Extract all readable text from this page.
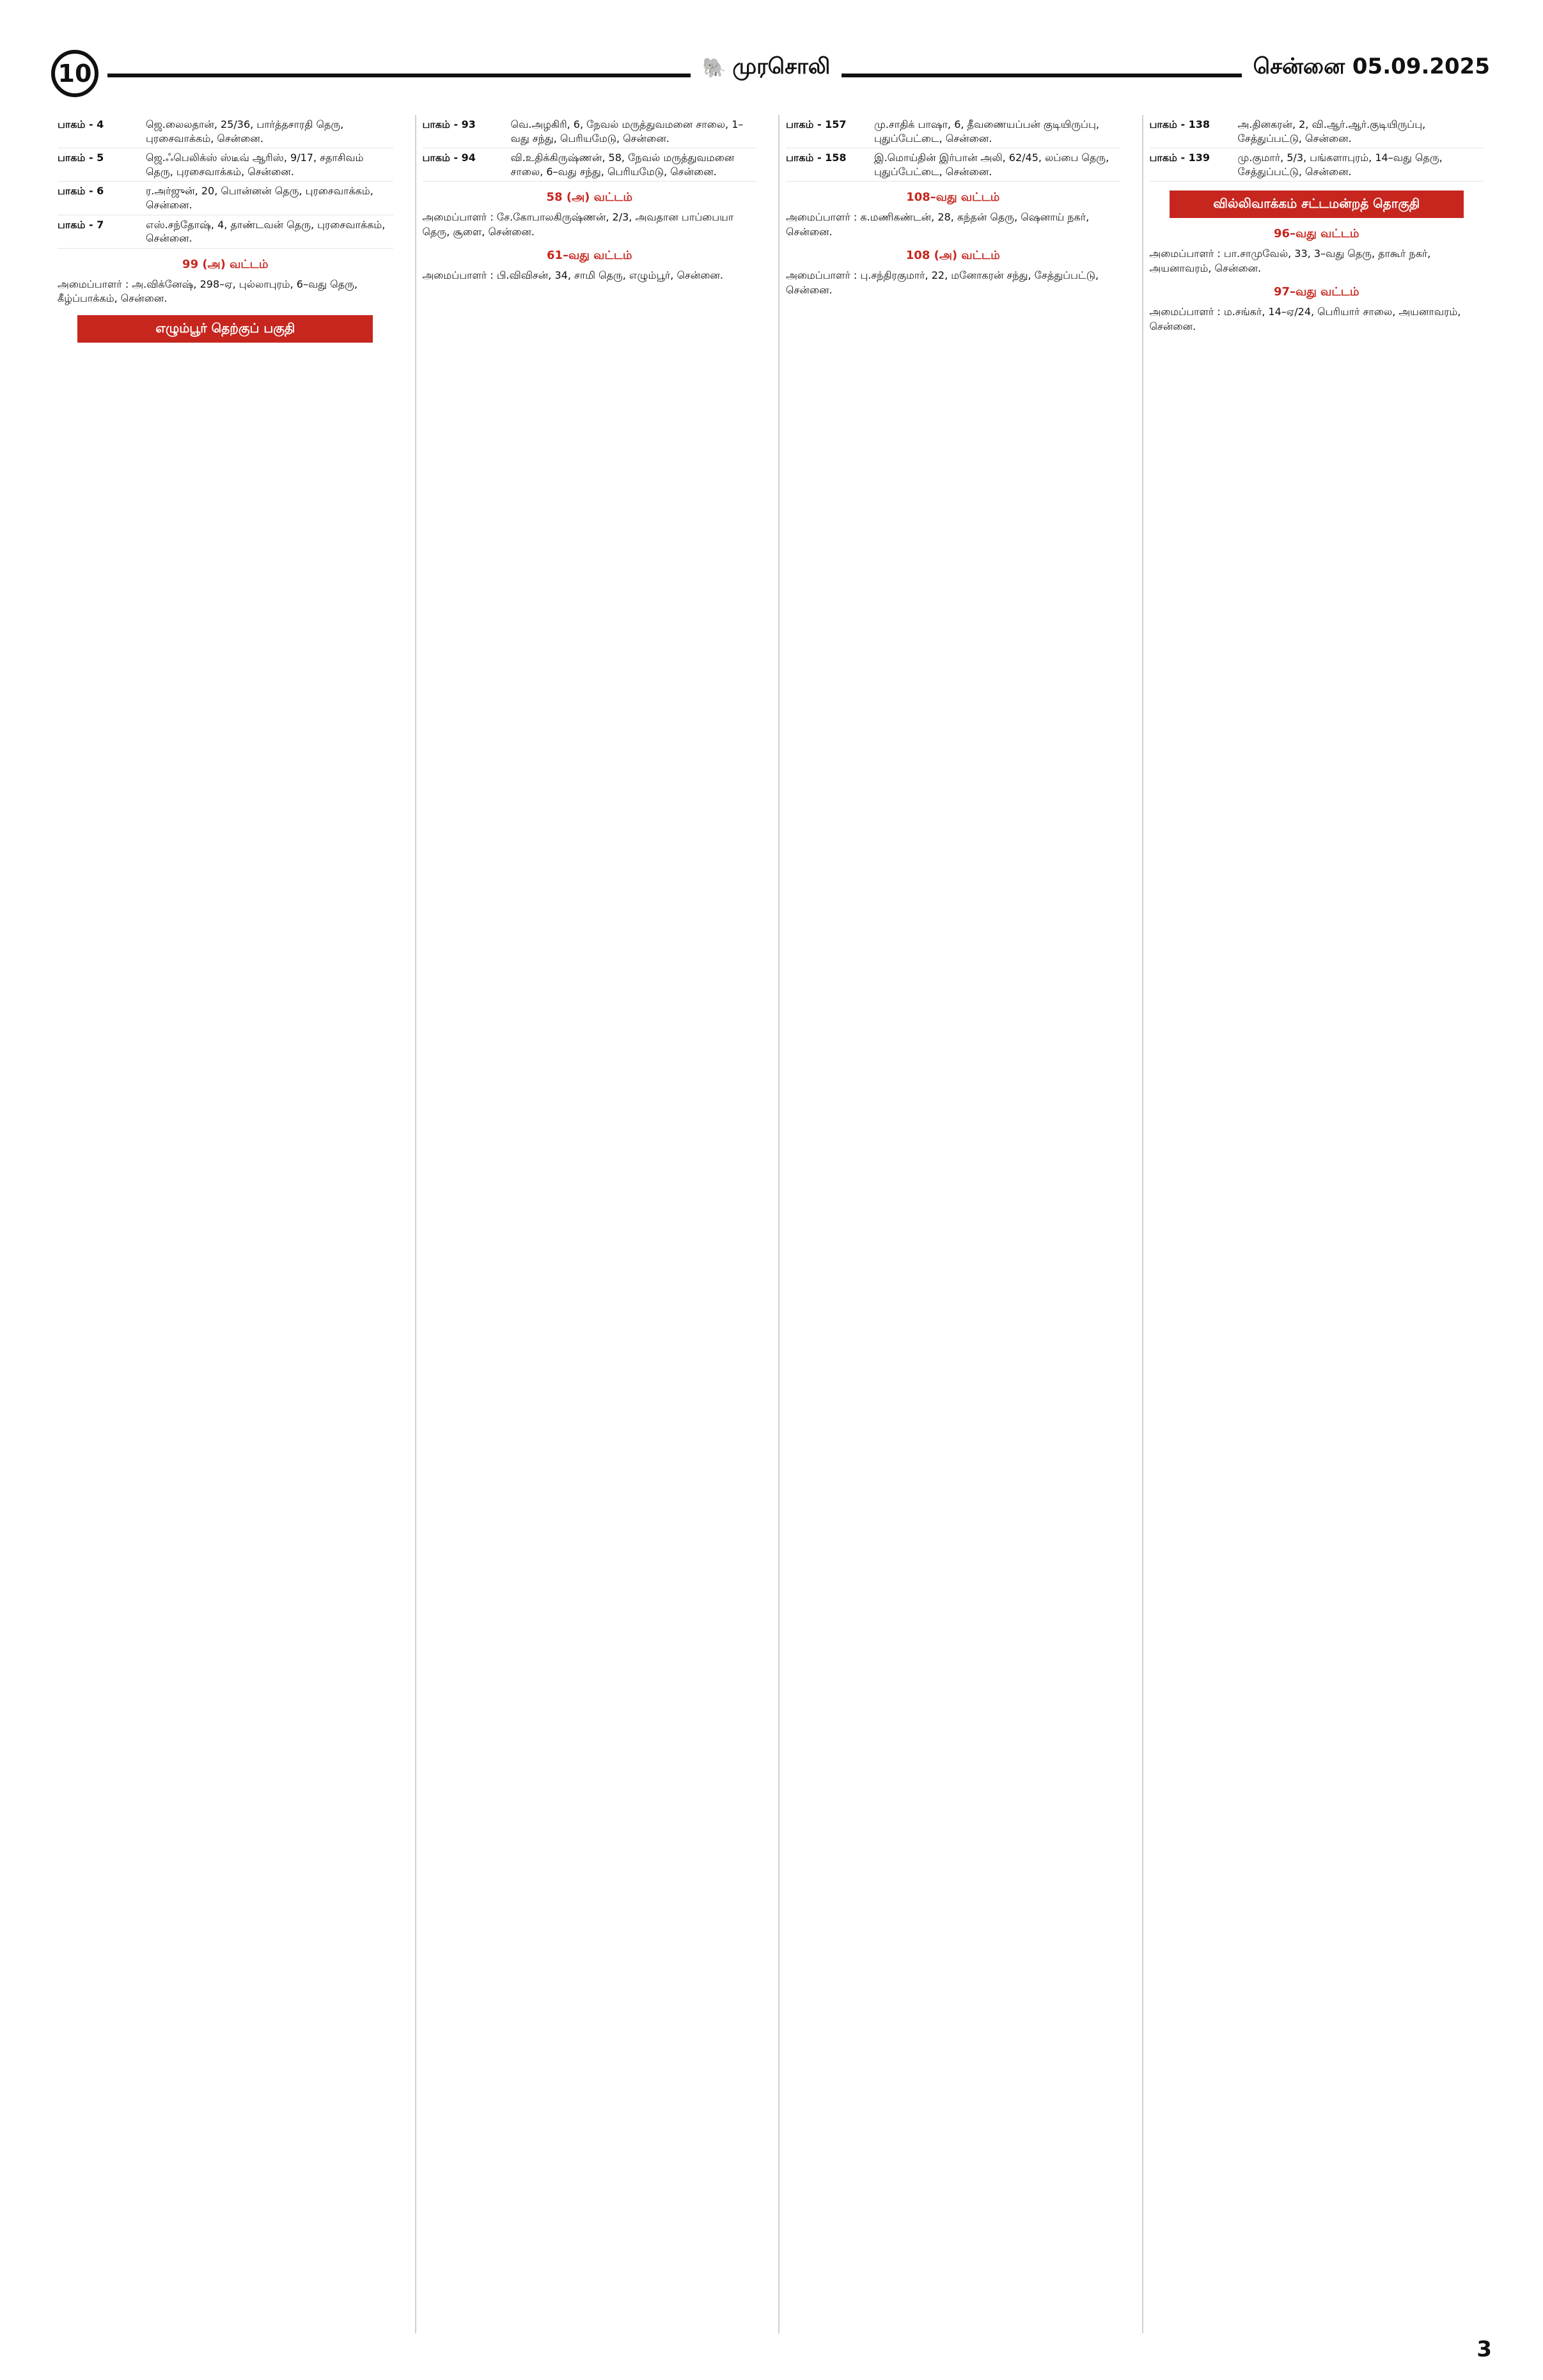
10	🐘 முரசொலி	சென்னை 05.09.2025
பாகம் - 4	ஜெ.லைலதான், 25/36, பார்த்தசாரதி தெரு, புரசைவாக்கம், சென்னை.
பாகம் - 5	ஜெ.ஃபெலிக்ஸ் ஸ்டீவ் ஆரிஸ், 9/17, சதாசிவம் தெரு, புரசைவாக்கம், சென்னை.
பாகம் - 6	ர.அர்ஜுன், 20, பொன்னன் தெரு, புரசைவாக்கம், சென்னை.
பாகம் - 7	எஸ்.சந்தோஷ், 4, தாண்டவன் தெரு, புரசைவாக்கம், சென்னை.
99 (அ) வட்டம்
அமைப்பாளர் : அ.விக்னேஷ், 298–ஏ, புல்லாபுரம், 6–வது தெரு, கீழ்ப்பாக்கம், சென்னை.
எழும்பூர் தெற்குப் பகுதி
பாகம் - 93	வெ.அழகிரி, 6, நேவல் மருத்துவமனை சாலை, 1–வது சந்து, பெரியமேடு, சென்னை.
பாகம் - 94	வி.உதிக்கிருஷ்ணன், 58, நேவல் மருத்துவமனை சாலை, 6–வது சந்து, பெரியமேடு, சென்னை.
58 (அ) வட்டம்
அமைப்பாளர் : சே.கோபாலகிருஷ்ணன், 2/3, அவதான பாப்பையா தெரு, சூளை, சென்னை.
61–வது வட்டம்
அமைப்பாளர் : பி.விவிசன், 34, சாமி தெரு, எழும்பூர், சென்னை.
பாகம் - 157	மு.சாதிக் பாஷா, 6, தீவணையப்பன் குடியிருப்பு, புதுப்பேட்டை, சென்னை.
பாகம் - 158	இ.மொய்தின் இர்பான் அலி, 62/45, லப்பை தெரு, புதுப்பேட்டை, சென்னை.
108–வது வட்டம்
அமைப்பாளர் : க.மணிகண்டன், 28, கந்தன் தெரு, ஷெனாய் நகர், சென்னை.
108 (அ) வட்டம்
அமைப்பாளர் : பு.சந்திரகுமார், 22, மனோகரன் சந்து, சேத்துப்பட்டு, சென்னை.
பாகம் - 138	அ.தினகரன், 2, வி.ஆர்.ஆர்.குடியிருப்பு, சேத்துப்பட்டு, சென்னை.
பாகம் - 139	மு.குமார், 5/3, பங்களாபுரம், 14–வது தெரு, சேத்துப்பட்டு, சென்னை.
வில்லிவாக்கம் சட்டமன்றத் தொகுதி
96–வது வட்டம்
அமைப்பாளர் : பா.சாமுவேல், 33, 3–வது தெரு, தாகூர் நகர், அயனாவரம், சென்னை.
97–வது வட்டம்
அமைப்பாளர் : ம.சங்கர், 14–ஏ/24, பெரியார் சாலை, அயனாவரம், சென்னை.
3
